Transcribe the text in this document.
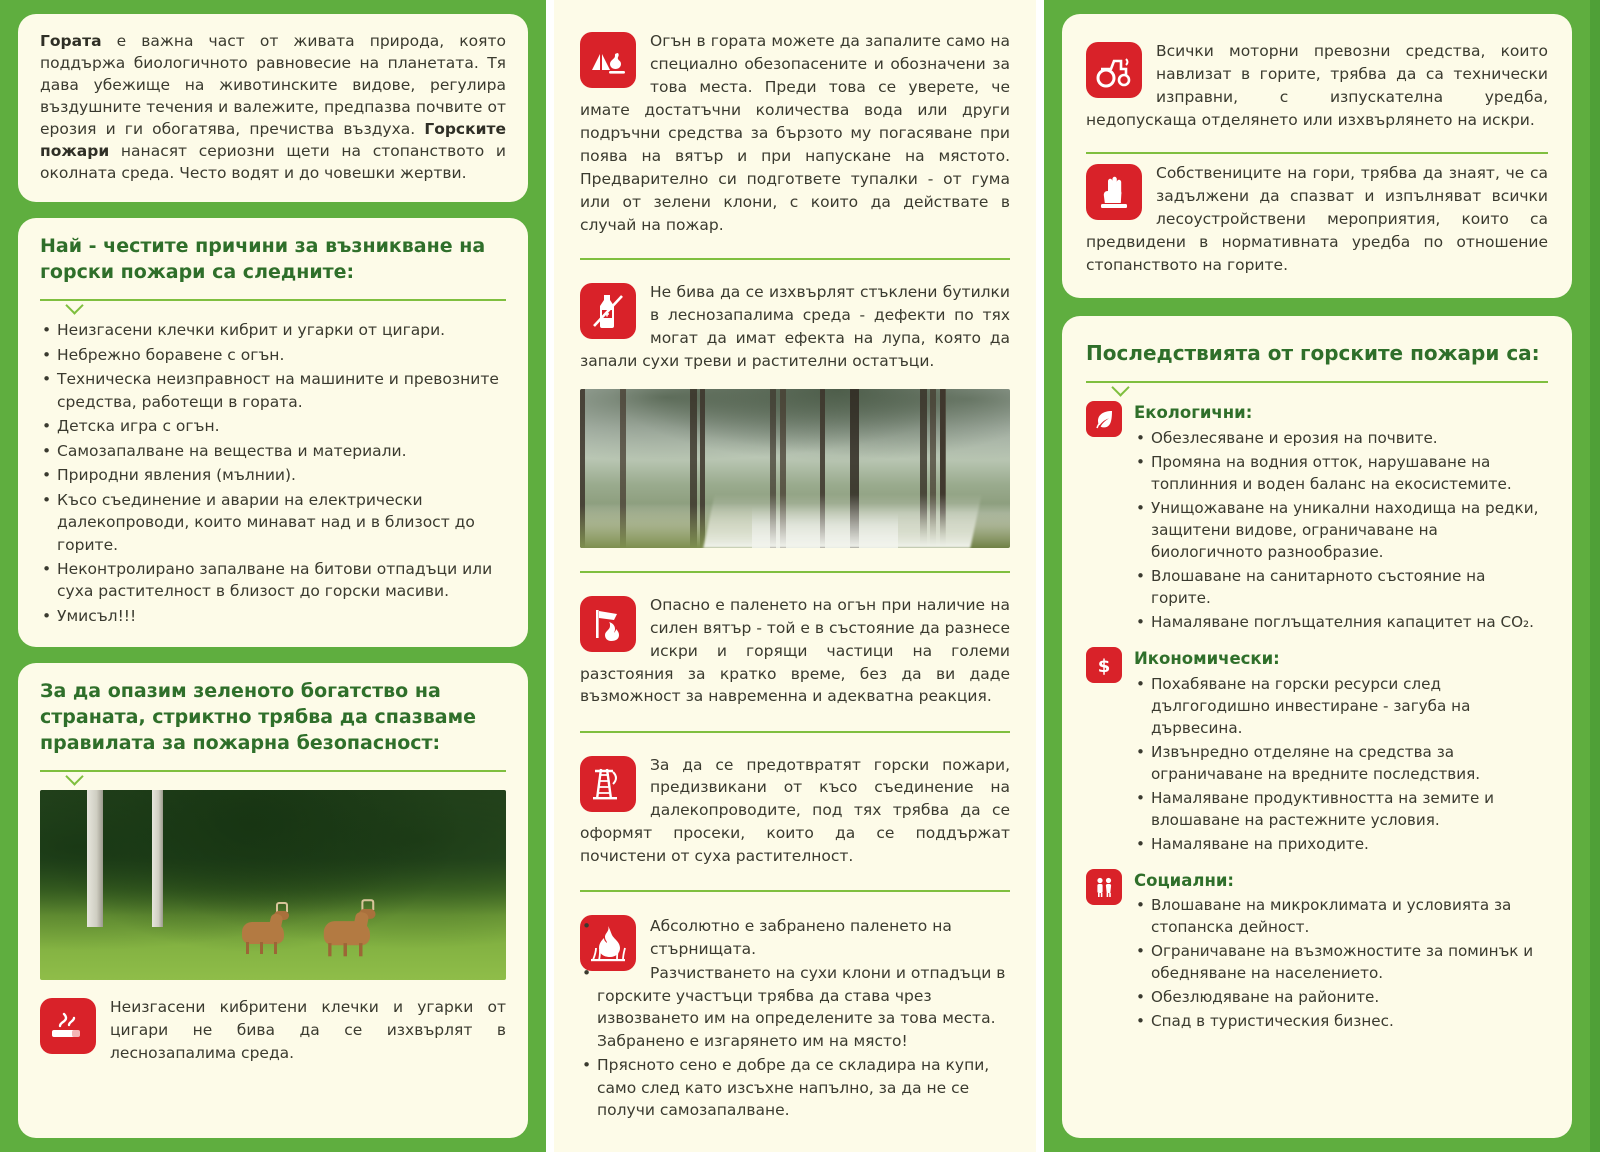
Гората е важна част от живата природа, която поддържа биологичното равновесие на планетата. Тя дава убежище на животинските видове, регулира въздушните течения и валежите, предпазва почвите от ерозия и ги обогатява, пречиства въздуха. Горските пожари нанасят сериозни щети на стопанството и околната среда. Често водят и до човешки жертви.

Най - честите причини за възникване на горски пожари са следните:
• Неизгасени клечки кибрит и угарки от цигари.
• Небрежно боравене с огън.
• Техническа неизправност на машините и превозните средства, работещи в гората.
• Детска игра с огън.
• Самозапалване на вещества и материали.
• Природни явления (мълнии).
• Късо съединение и аварии на електрически далекопроводи, които минават над и в близост до горите.
• Неконтролирано запалване на битови отпадъци или суха растителност в близост до горски масиви.
• Умисъл!!!
За да опазим зеленото богатство на страната, стриктно трябва да спазваме правилата за пожарна безопасност:

Неизгасени кибритени клечки и угарки от цигари не бива да се изхвърлят в леснозапалима среда.

Огън в гората можете да запалите само на специално обезопасените и обозначени за това места. Преди това се уверете, че имате достатъчни количества вода или други подръчни средства за бързото му погасяване при поява на вятър и при напускане на мястото. Предварително си подгответе тупалки - от гума или от зелени клони, с които да действате в случай на пожар.

Не бива да се изхвърлят стъклени бутилки в леснозапалима среда - дефекти по тях могат да имат ефекта на лупа, която да запали сухи треви и растителни остатъци.

Опасно е паленето на огън при наличие на силен вятър - той е в състояние да разнесе искри и горящи частици на големи разстояния за кратко време, без да ви даде възможност за навременна и адекватна реакция.

За да се предотвратят горски пожари, предизвикани от късо съединение на далекопроводите, под тях трябва да се оформят просеки, които да се поддържат почистени от суха растителност.

• Абсолютно е забранено паленето на стърнищата.
• Разчистването на сухи клони и отпадъци в горските участъци трябва да става чрез извозването им на определените за това места. Забранено е изгарянето им на място!
• Прясното сено е добре да се складира на купи, само след като изсъхне напълно, за да не се получи самозапалване.

Всички моторни превозни средства, които навлизат в горите, трябва да са технически изправни, с изпускателна уредба, недопускаща отделянето или изхвърлянето на искри.

Собствениците на гори, трябва да знаят, че са задължени да спазват и изпълняват всички лесоустройствени мероприятия, които са предвидени в нормативната уредба по отношение стопанството на горите.

Последствията от горските пожари са:
Екологични:
• Обезлесяване и ерозия на почвите.
• Промяна на водния отток, нарушаване на топлинния и воден баланс на екосистемите.
• Унищожаване на уникални находища на редки, защитени видове, ограничаване на биологичното разнообразие.
• Влошаване на санитарното състояние на горите.
• Намаляване поглъщателния капацитет на CO₂.
$ Икономически:
• Похабяване на горски ресурси след дългогодишно инвестиране - загуба на дървесина.
• Извънредно отделяне на средства за ограничаване на вредните последствия.
• Намаляване продуктивността на земите и влошаване на растежните условия.
• Намаляване на приходите.
Социални:
• Влошаване на микроклимата и условията за стопанска дейност.
• Ограничаване на възможностите за поминък и обедняване на населението.
• Обезлюдяване на районите.
• Спад в туристическия бизнес.
